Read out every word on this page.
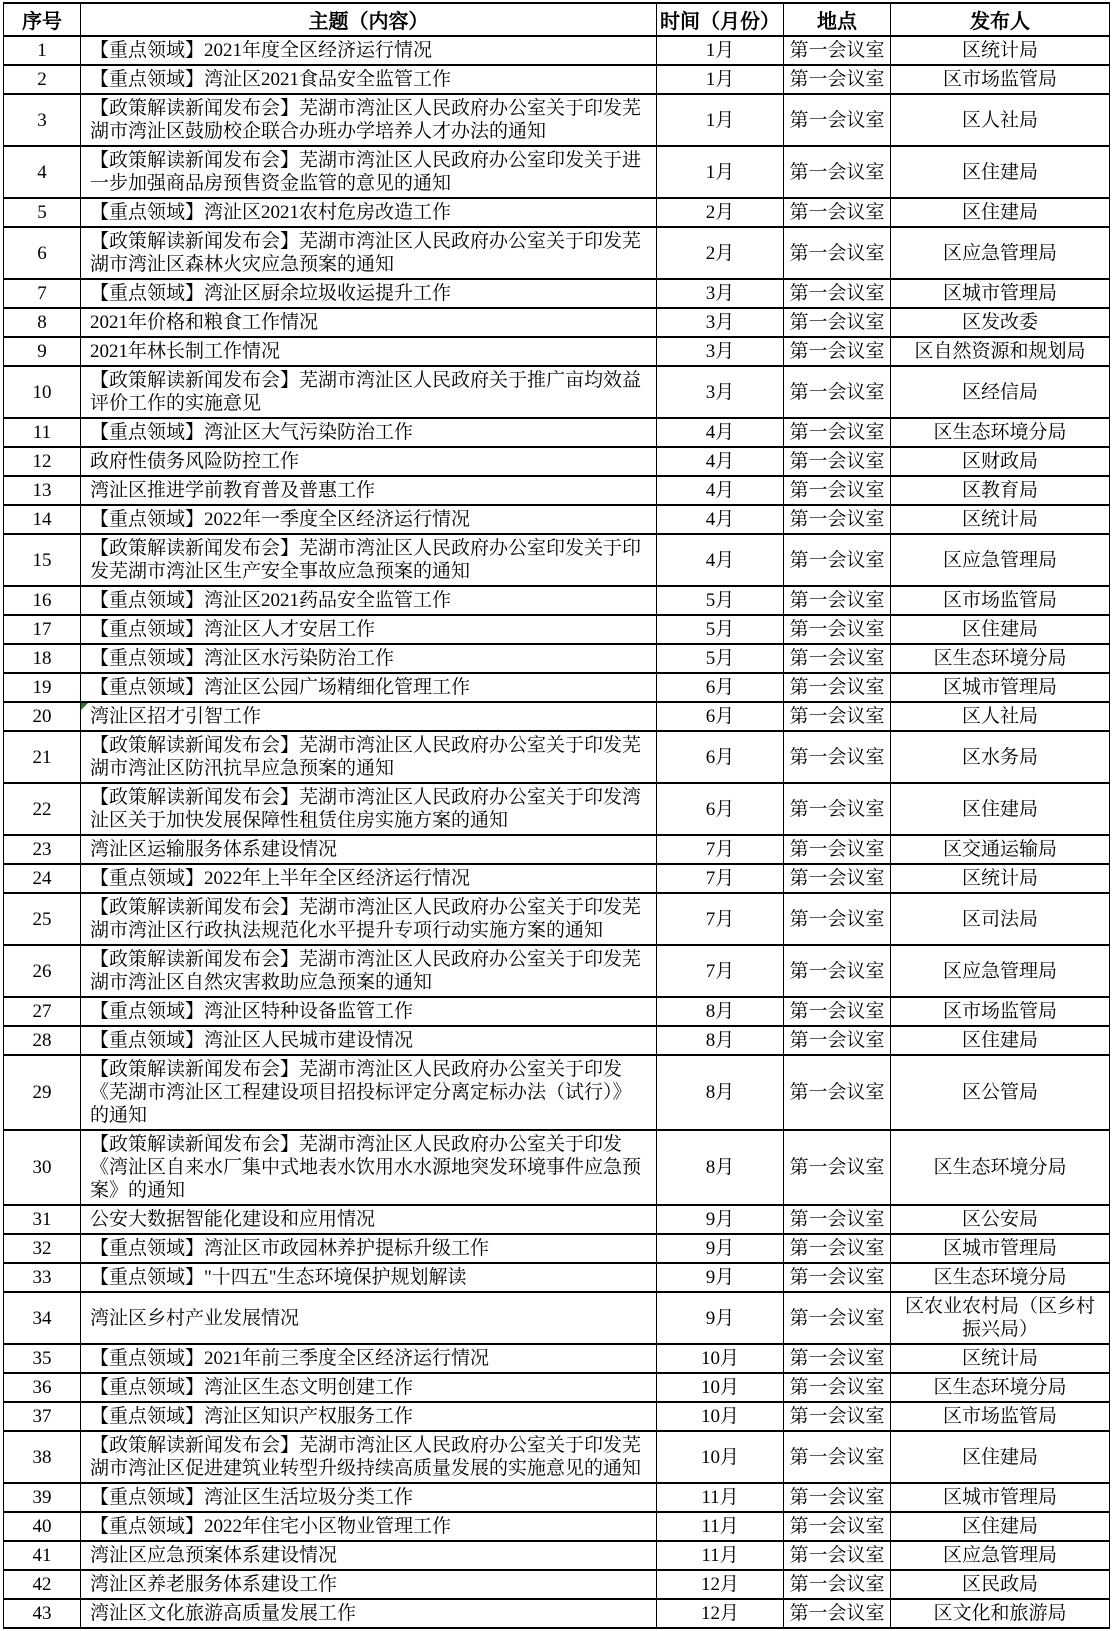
序号	主题（内容）	时间（月份）	地点	发布人
1	【重点领域】2021年度全区经济运行情况	1月	第一会议室	区统计局
2	【重点领域】湾沚区2021食品安全监管工作	1月	第一会议室	区市场监管局
3	【政策解读新闻发布会】芜湖市湾沚区人民政府办公室关于印发芜湖市湾沚区鼓励校企联合办班办学培养人才办法的通知	1月	第一会议室	区人社局
4	【政策解读新闻发布会】芜湖市湾沚区人民政府办公室印发关于进一步加强商品房预售资金监管的意见的通知	1月	第一会议室	区住建局
5	【重点领域】湾沚区2021农村危房改造工作	2月	第一会议室	区住建局
6	【政策解读新闻发布会】芜湖市湾沚区人民政府办公室关于印发芜湖市湾沚区森林火灾应急预案的通知	2月	第一会议室	区应急管理局
7	【重点领域】湾沚区厨余垃圾收运提升工作	3月	第一会议室	区城市管理局
8	2021年价格和粮食工作情况	3月	第一会议室	区发改委
9	2021年林长制工作情况	3月	第一会议室	区自然资源和规划局
10	【政策解读新闻发布会】芜湖市湾沚区人民政府关于推广亩均效益评价工作的实施意见	3月	第一会议室	区经信局
11	【重点领域】湾沚区大气污染防治工作	4月	第一会议室	区生态环境分局
12	政府性债务风险防控工作	4月	第一会议室	区财政局
13	湾沚区推进学前教育普及普惠工作	4月	第一会议室	区教育局
14	【重点领域】2022年一季度全区经济运行情况	4月	第一会议室	区统计局
15	【政策解读新闻发布会】芜湖市湾沚区人民政府办公室印发关于印发芜湖市湾沚区生产安全事故应急预案的通知	4月	第一会议室	区应急管理局
16	【重点领域】湾沚区2021药品安全监管工作	5月	第一会议室	区市场监管局
17	【重点领域】湾沚区人才安居工作	5月	第一会议室	区住建局
18	【重点领域】湾沚区水污染防治工作	5月	第一会议室	区生态环境分局
19	【重点领域】湾沚区公园广场精细化管理工作	6月	第一会议室	区城市管理局
20	湾沚区招才引智工作	6月	第一会议室	区人社局
21	【政策解读新闻发布会】芜湖市湾沚区人民政府办公室关于印发芜湖市湾沚区防汛抗旱应急预案的通知	6月	第一会议室	区水务局
22	【政策解读新闻发布会】芜湖市湾沚区人民政府办公室关于印发湾沚区关于加快发展保障性租赁住房实施方案的通知	6月	第一会议室	区住建局
23	湾沚区运输服务体系建设情况	7月	第一会议室	区交通运输局
24	【重点领域】2022年上半年全区经济运行情况	7月	第一会议室	区统计局
25	【政策解读新闻发布会】芜湖市湾沚区人民政府办公室关于印发芜湖市湾沚区行政执法规范化水平提升专项行动实施方案的通知	7月	第一会议室	区司法局
26	【政策解读新闻发布会】芜湖市湾沚区人民政府办公室关于印发芜湖市湾沚区自然灾害救助应急预案的通知	7月	第一会议室	区应急管理局
27	【重点领域】湾沚区特种设备监管工作	8月	第一会议室	区市场监管局
28	【重点领域】湾沚区人民城市建设情况	8月	第一会议室	区住建局
29	【政策解读新闻发布会】芜湖市湾沚区人民政府办公室关于印发《芜湖市湾沚区工程建设项目招投标评定分离定标办法（试行）》的通知	8月	第一会议室	区公管局
30	【政策解读新闻发布会】芜湖市湾沚区人民政府办公室关于印发《湾沚区自来水厂集中式地表水饮用水水源地突发环境事件应急预案》的通知	8月	第一会议室	区生态环境分局
31	公安大数据智能化建设和应用情况	9月	第一会议室	区公安局
32	【重点领域】湾沚区市政园林养护提标升级工作	9月	第一会议室	区城市管理局
33	【重点领域】"十四五"生态环境保护规划解读	9月	第一会议室	区生态环境分局
34	湾沚区乡村产业发展情况	9月	第一会议室	区农业农村局（区乡村振兴局）
35	【重点领域】2021年前三季度全区经济运行情况	10月	第一会议室	区统计局
36	【重点领域】湾沚区生态文明创建工作	10月	第一会议室	区生态环境分局
37	【重点领域】湾沚区知识产权服务工作	10月	第一会议室	区市场监管局
38	【政策解读新闻发布会】芜湖市湾沚区人民政府办公室关于印发芜湖市湾沚区促进建筑业转型升级持续高质量发展的实施意见的通知	10月	第一会议室	区住建局
39	【重点领域】湾沚区生活垃圾分类工作	11月	第一会议室	区城市管理局
40	【重点领域】2022年住宅小区物业管理工作	11月	第一会议室	区住建局
41	湾沚区应急预案体系建设情况	11月	第一会议室	区应急管理局
42	湾沚区养老服务体系建设工作	12月	第一会议室	区民政局
43	湾沚区文化旅游高质量发展工作	12月	第一会议室	区文化和旅游局
